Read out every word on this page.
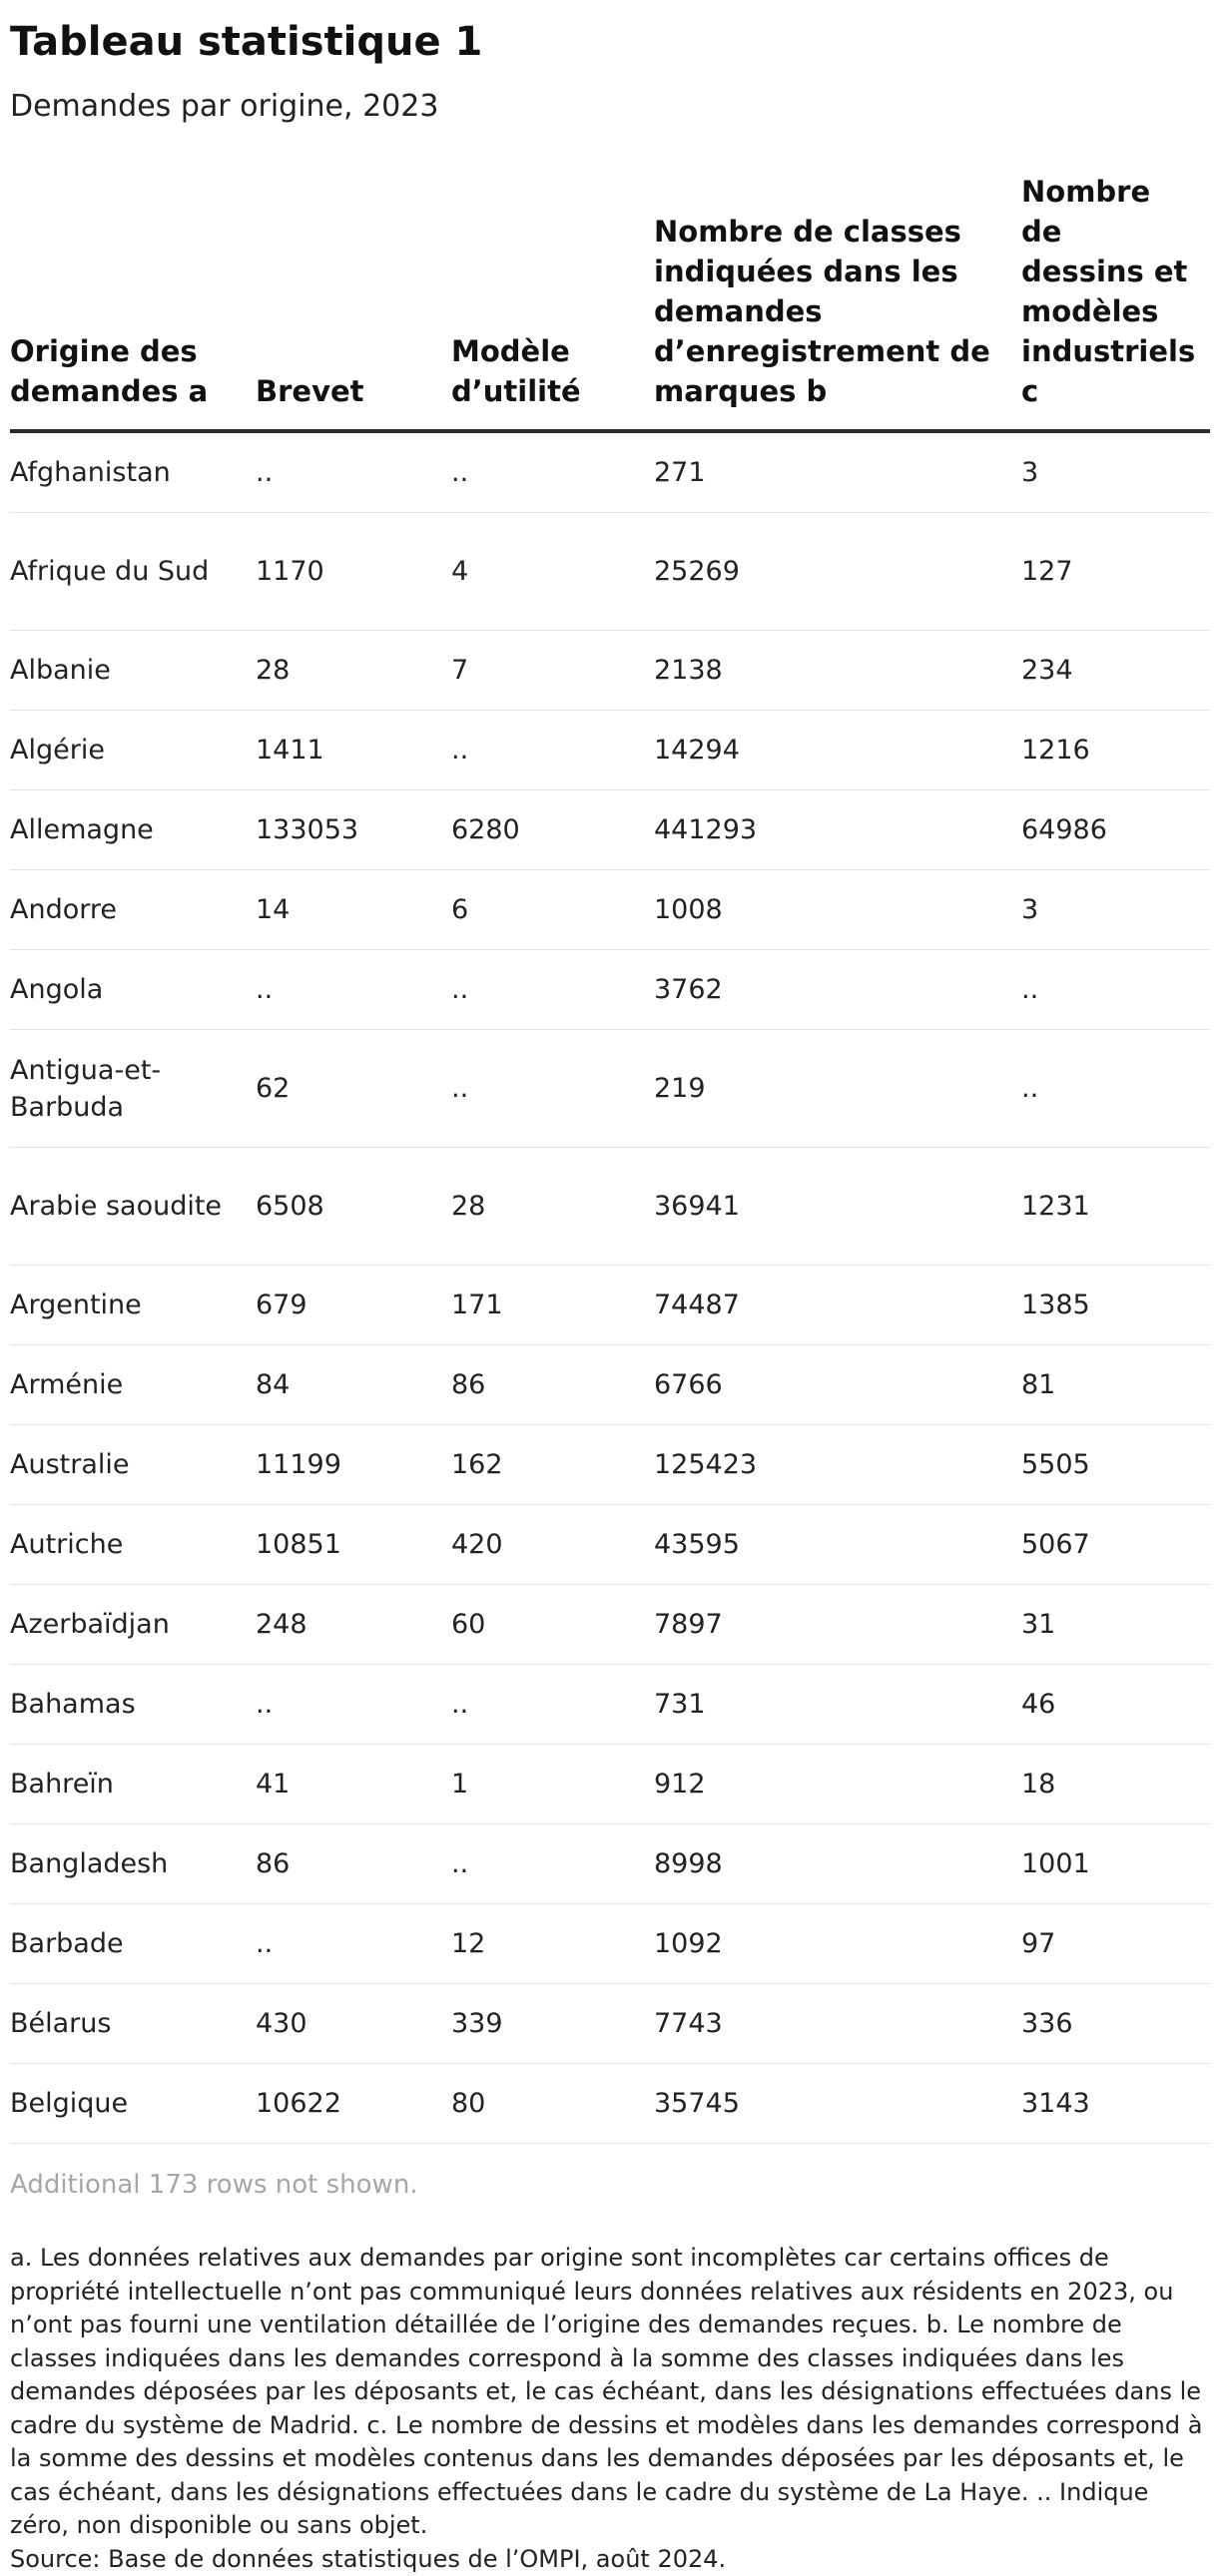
Tableau statistique 1
Demandes par origine, 2023
Origine des demandes a	Brevet	Modèle d’utilité	Nombre de classes indiquées dans les demandes d’enregistrement de marques b	Nombre de dessins et modèles industriels c
Afghanistan	..	..	271	3
Afrique du Sud	1170	4	25269	127
Albanie	28	7	2138	234
Algérie	1411	..	14294	1216
Allemagne	133053	6280	441293	64986
Andorre	14	6	1008	3
Angola	..	..	3762	..
Antigua-et-Barbuda	62	..	219	..
Arabie saoudite	6508	28	36941	1231
Argentine	679	171	74487	1385
Arménie	84	86	6766	81
Australie	11199	162	125423	5505
Autriche	10851	420	43595	5067
Azerbaïdjan	248	60	7897	31
Bahamas	..	..	731	46
Bahreïn	41	1	912	18
Bangladesh	86	..	8998	1001
Barbade	..	12	1092	97
Bélarus	430	339	7743	336
Belgique	10622	80	35745	3143
Additional 173 rows not shown.
a. Les données relatives aux demandes par origine sont incomplètes car certains offices de propriété intellectuelle n’ont pas communiqué leurs données relatives aux résidents en 2023, ou n’ont pas fourni une ventilation détaillée de l’origine des demandes reçues. b. Le nombre de classes indiquées dans les demandes correspond à la somme des classes indiquées dans les demandes déposées par les déposants et, le cas échéant, dans les désignations effectuées dans le cadre du système de Madrid. c. Le nombre de dessins et modèles dans les demandes correspond à la somme des dessins et modèles contenus dans les demandes déposées par les déposants et, le cas échéant, dans les désignations effectuées dans le cadre du système de La Haye. .. Indique zéro, non disponible ou sans objet.
Source: Base de données statistiques de l’OMPI, août 2024.
